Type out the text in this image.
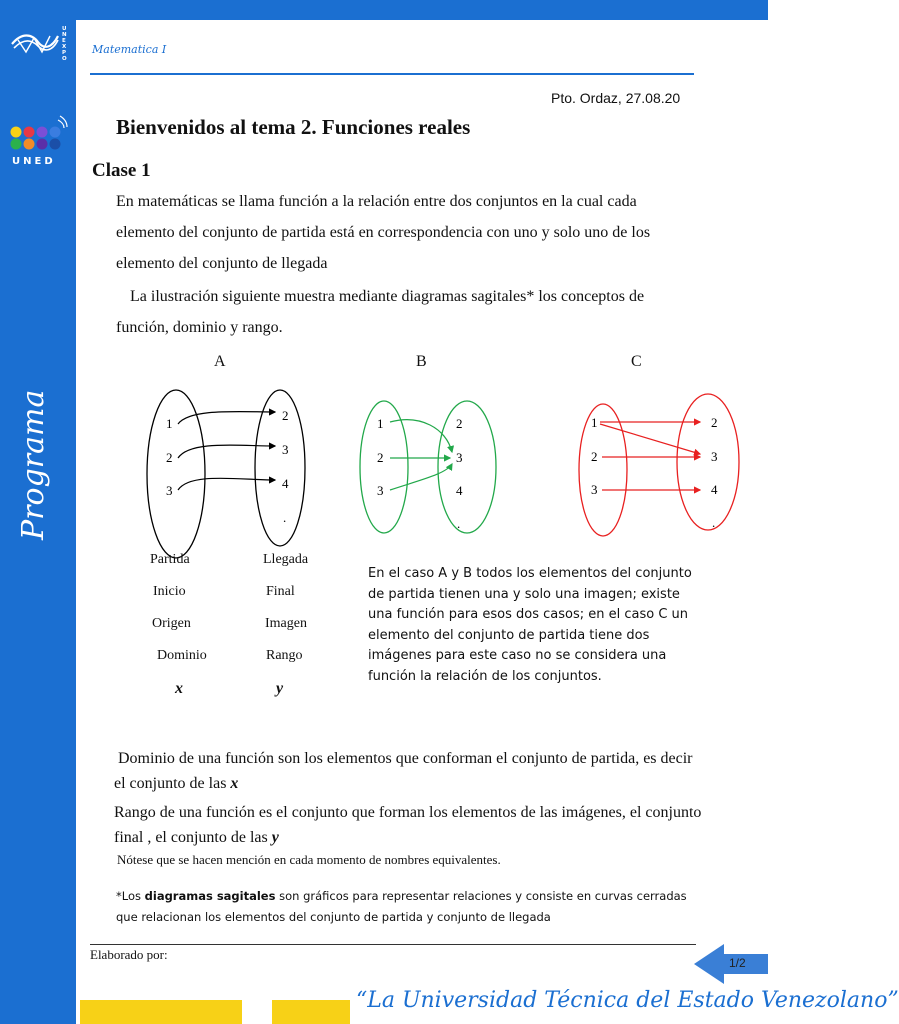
U
N
E
X
P
O
UNED
Programa
Matematica I
Pto. Ordaz, 27.08.20
Bienvenidos al tema 2. Funciones reales
Clase 1
En matemáticas se llama función a la relación entre dos conjuntos en la cual cada elemento del conjunto de partida está en correspondencia con uno y solo uno de los elemento del conjunto de llegada
La ilustración siguiente muestra mediante diagramas sagitales* los conceptos de función, dominio y rango.
A	B	C
1
2
3
2
3
4
.
1
2
3
2
3
4
.
1
2
3
2
3
4
.
Partida
Inicio
Origen
Dominio
x
Llegada
Final
Imagen
Rango
y
En el caso A y B todos los elementos del conjunto de partida tienen una y solo una imagen; existe una función para esos dos casos; en el caso C un elemento del conjunto de partida tiene dos imágenes para este caso no se considera una función la relación de los conjuntos.
Dominio de una función son los elementos que conforman el conjunto de partida, es decir el conjunto de las x
Rango de una función es el conjunto que forman los elementos de las imágenes, el conjunto final , el conjunto de las y
Nótese que se hacen mención en cada momento de nombres equivalentes.
*Los diagramas sagitales son gráficos para representar relaciones y consiste en curvas cerradas que relacionan los elementos del conjunto de partida y conjunto de llegada
Elaborado por:
1/2
“La Universidad Técnica del Estado Venezolano”
